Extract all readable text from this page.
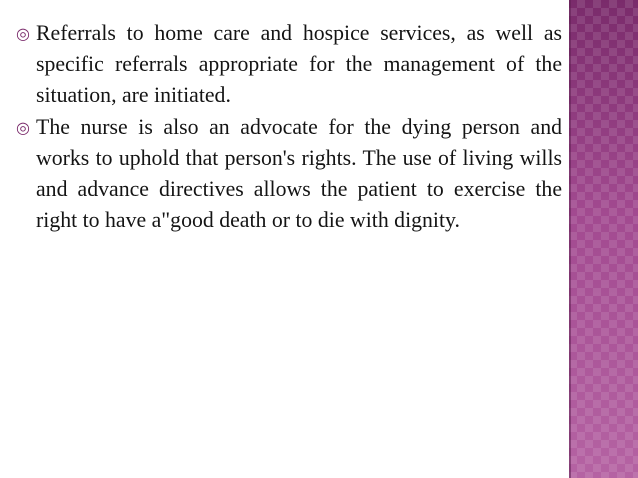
◎ Referrals to home care and hospice services, as well as specific referrals appropriate for the management of the situation, are initiated.

◎ The nurse is also an advocate for the dying person and works to uphold that person's rights. The use of living wills and advance directives allows the patient to exercise the right to have a"good death or to die with dignity.
